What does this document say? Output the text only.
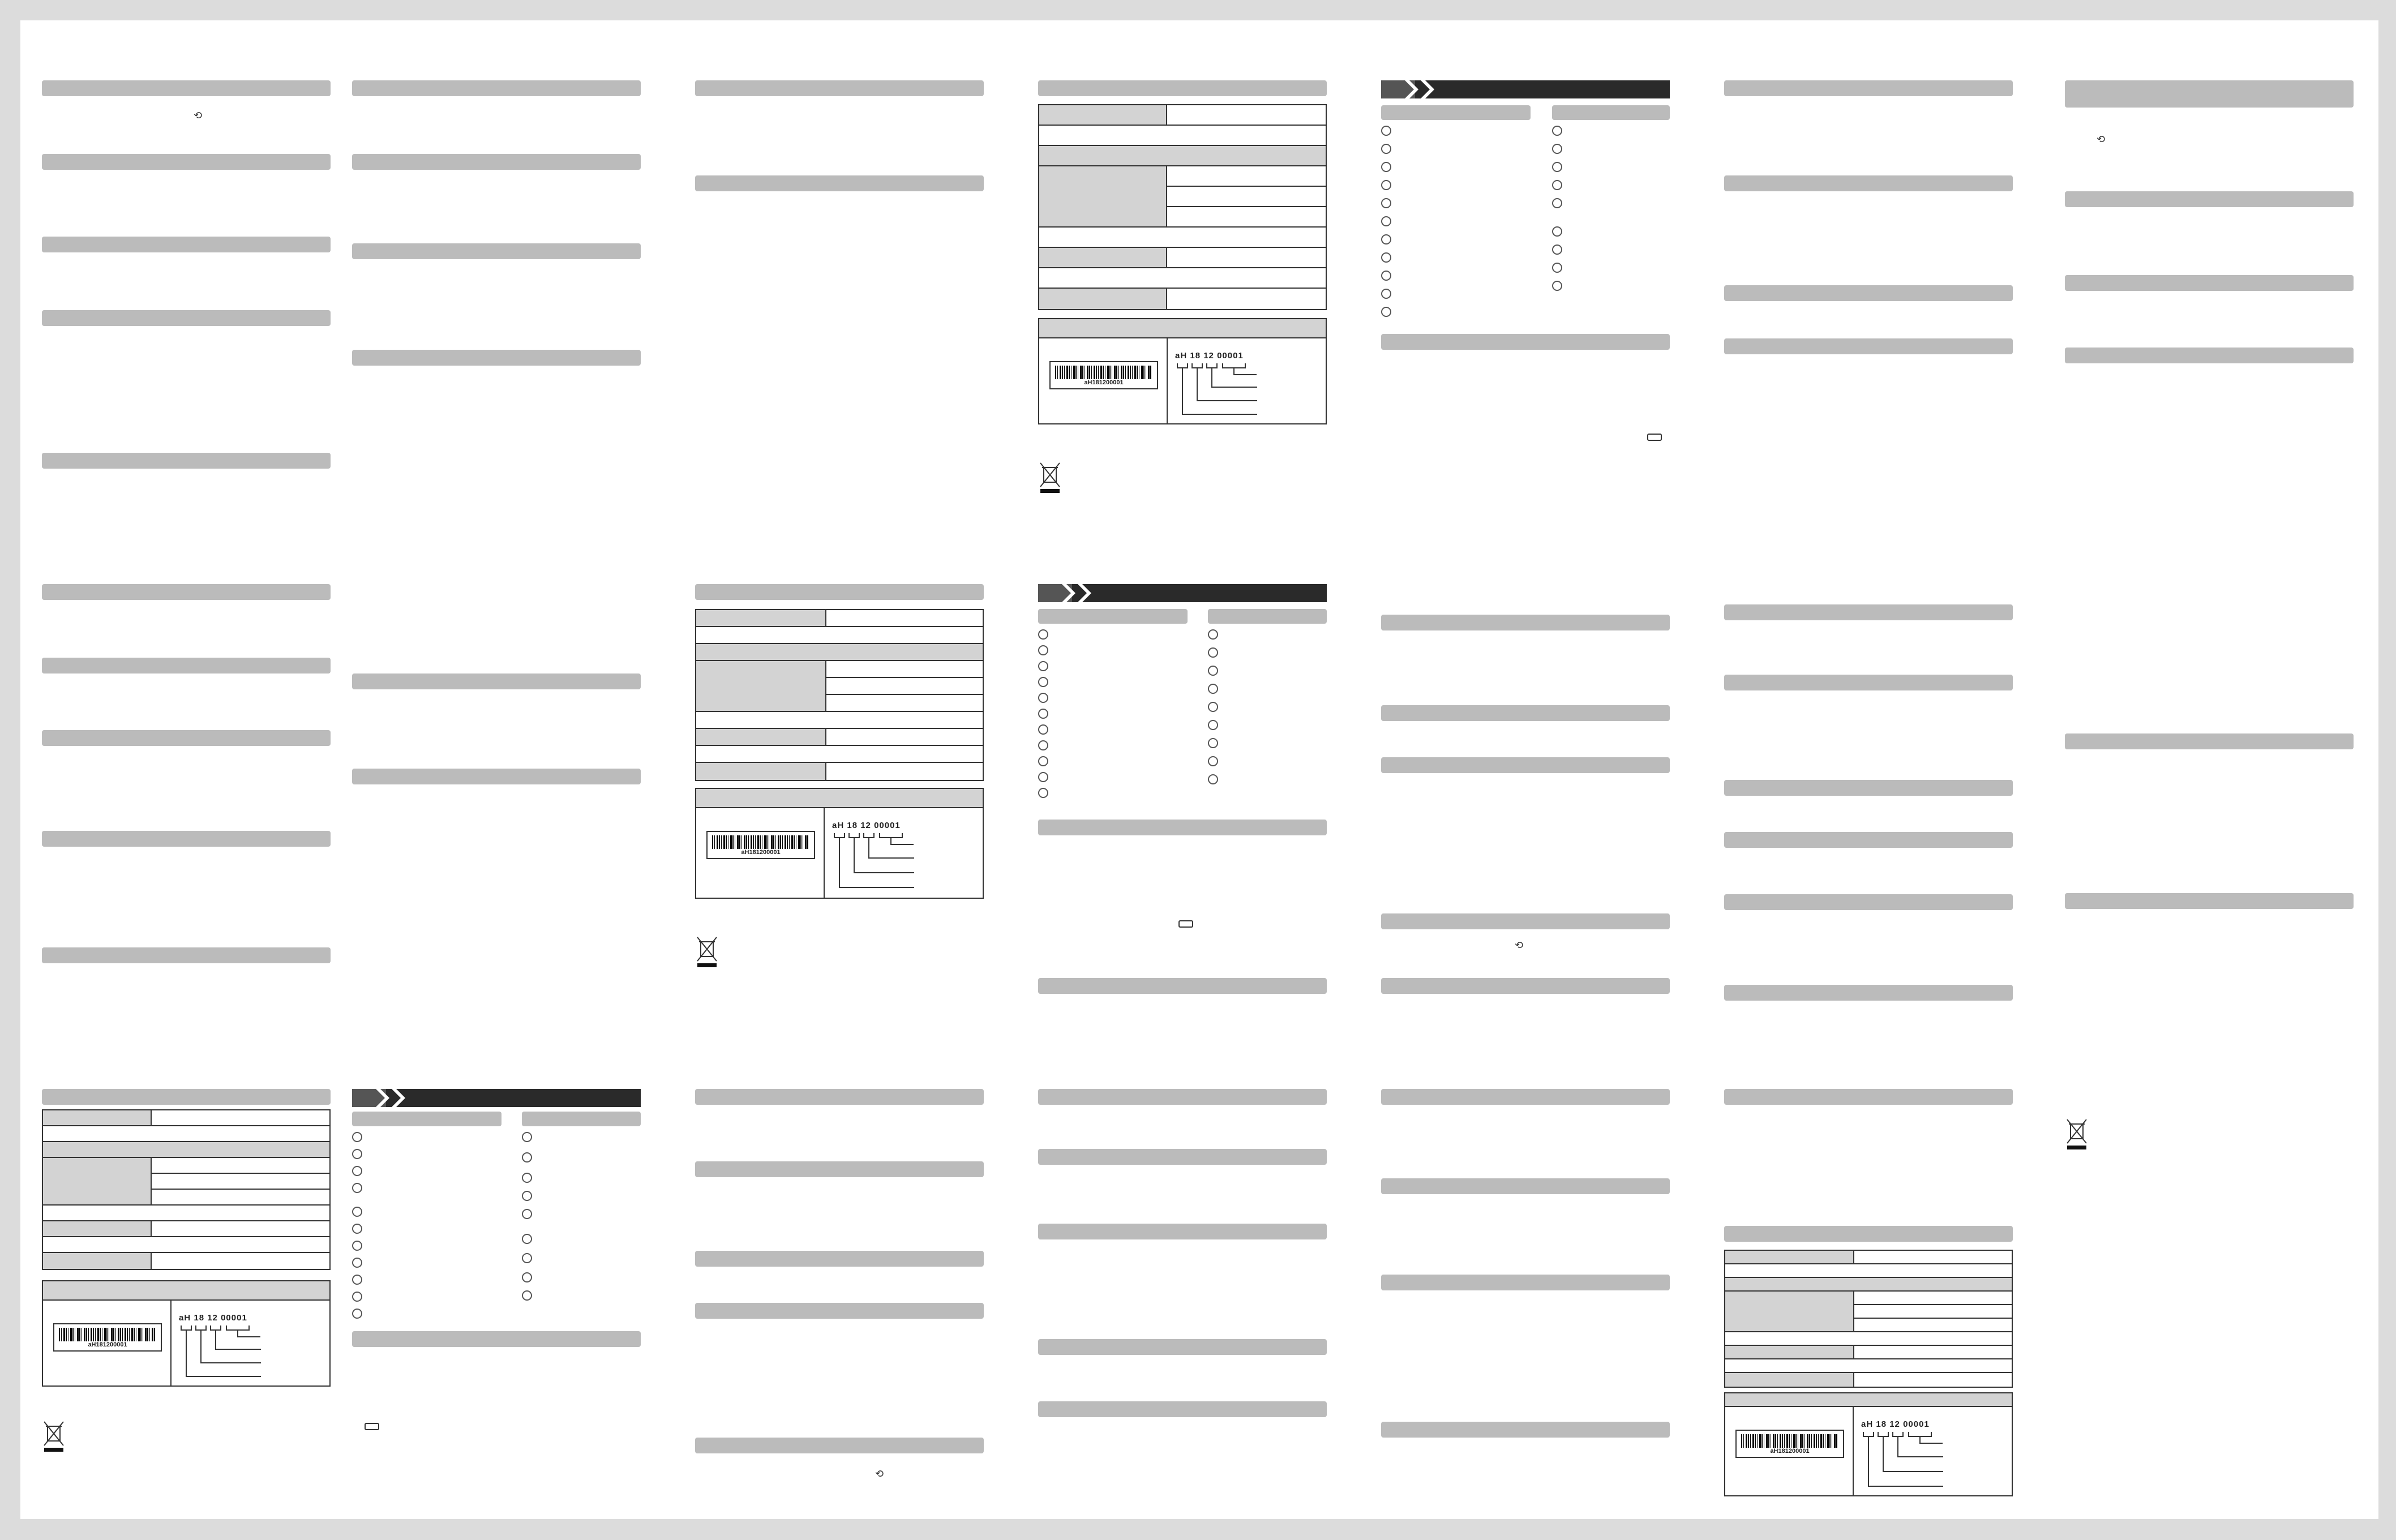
⟲
aH181200001
aH 18 12 00001
aH181200001
aH 18 12 00001
⟲
aH181200001
aH 18 12 00001
⟲
aH181200001
aH 18 12 00001
⟲
